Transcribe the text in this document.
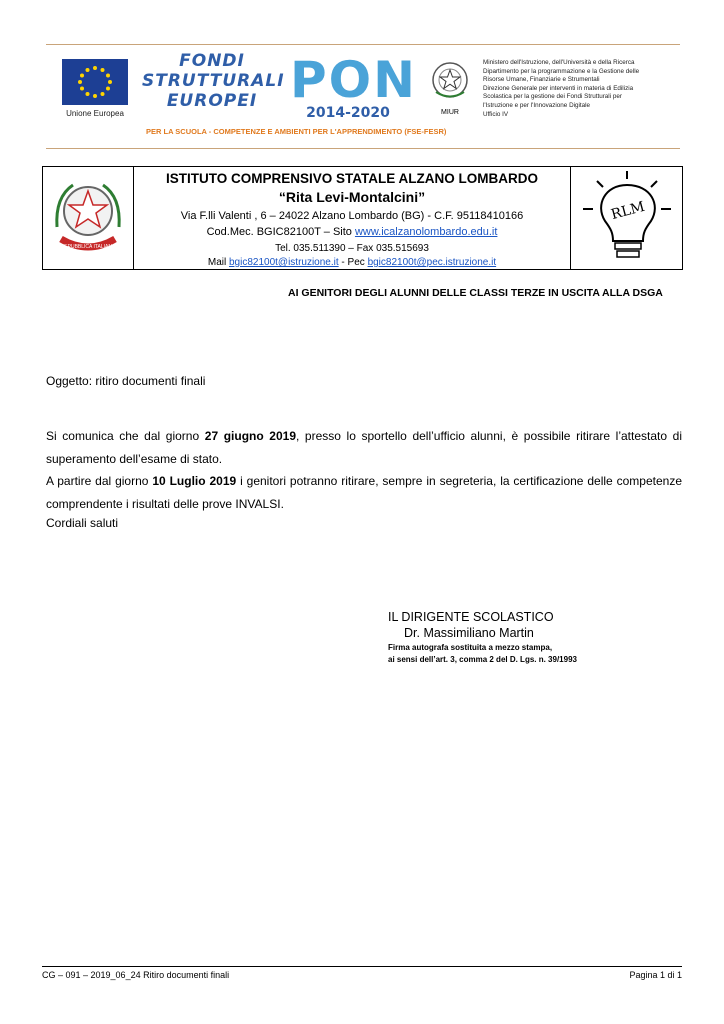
Unione Europea
FONDI
STRUTTURALI
EUROPEI PON
2014-2020
PER LA SCUOLA - COMPETENZE E AMBIENTI PER L'APPRENDIMENTO (FSE-FESR)
MIUR
Ministero dell'Istruzione, dell'Università e della Ricerca
Dipartimento per la programmazione e la Gestione delle
Risorse Umane, Finanziarie e Strumentali
Direzione Generale per interventi in materia di Edilizia
Scolastica per la gestione dei Fondi Strutturali per
l'Istruzione e per l'Innovazione Digitale
Ufficio IV
REPUBBLICA ITALIANA
ISTITUTO COMPRENSIVO STATALE ALZANO LOMBARDO
“Rita Levi-Montalcini”
Via F.lli Valenti , 6 – 24022 Alzano Lombardo (BG) - C.F. 95118410166
Cod.Mec. BGIC82100T – Sito www.icalzanolombardo.edu.it
Tel. 035.511390 – Fax 035.515693
Mail bgic82100t@istruzione.it - Pec bgic82100t@pec.istruzione.it
RLM
AI GENITORI DEGLI ALUNNI DELLE CLASSI TERZE IN USCITA ALLA DSGA
Oggetto: ritiro documenti finali
Si comunica che dal giorno 27 giugno 2019, presso lo sportello dell’ufficio alunni, è possibile ritirare l’attestato di superamento dell’esame di stato.
A partire dal giorno 10 Luglio 2019 i genitori potranno ritirare, sempre in segreteria, la certificazione delle competenze comprendente i risultati delle prove INVALSI.
Cordiali saluti
IL DIRIGENTE SCOLASTICO
Dr. Massimiliano Martin
Firma autografa sostituita a mezzo stampa,
ai sensi dell’art. 3, comma 2 del D. Lgs. n. 39/1993
CG – 091 – 2019_06_24 Ritiro documenti finali	Pagina 1 di 1
